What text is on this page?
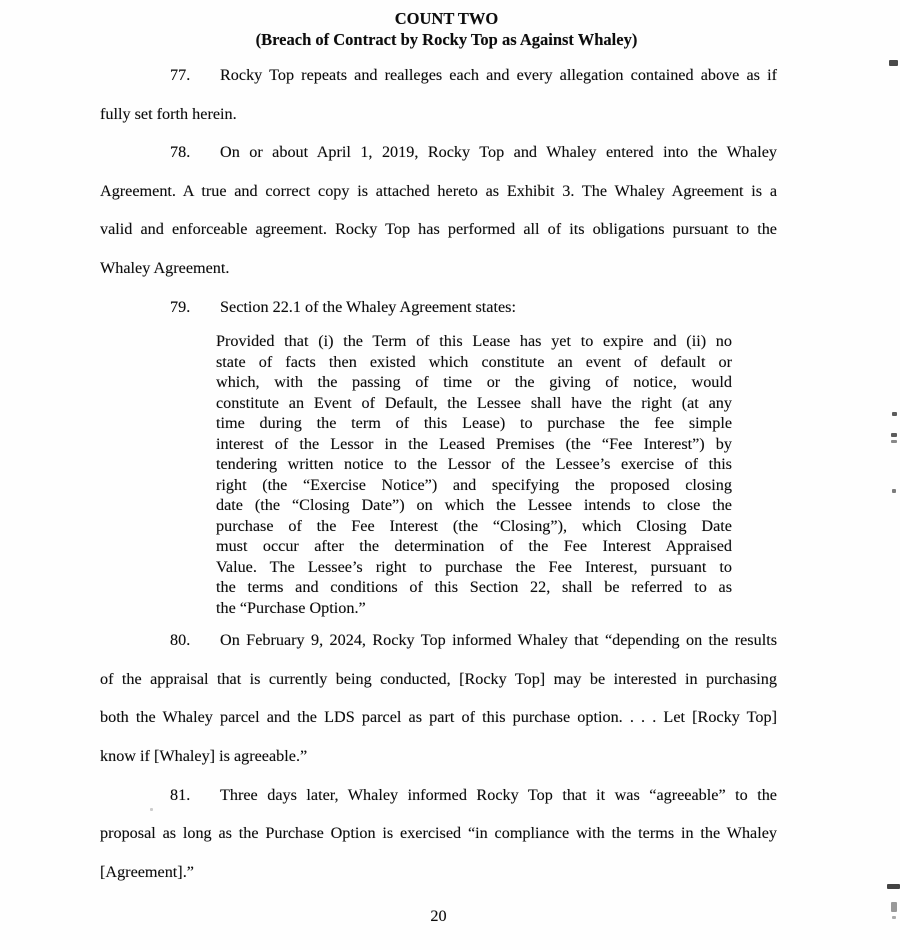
COUNT TWO
(Breach of Contract by Rocky Top as Against Whaley)
77.	Rocky Top repeats and realleges each and every allegation contained above as if
fully set forth herein.
78.	On or about April 1, 2019, Rocky Top and Whaley entered into the Whaley
Agreement. A true and correct copy is attached hereto as Exhibit 3. The Whaley Agreement is a
valid and enforceable agreement. Rocky Top has performed all of its obligations pursuant to the
Whaley Agreement.
79.	Section 22.1 of the Whaley Agreement states:
Provided that (i) the Term of this Lease has yet to expire and (ii) no
state of facts then existed which constitute an event of default or
which, with the passing of time or the giving of notice, would
constitute an Event of Default, the Lessee shall have the right (at any
time during the term of this Lease) to purchase the fee simple
interest of the Lessor in the Leased Premises (the “Fee Interest”) by
tendering written notice to the Lessor of the Lessee’s exercise of this
right (the “Exercise Notice”) and specifying the proposed closing
date (the “Closing Date”) on which the Lessee intends to close the
purchase of the Fee Interest (the “Closing”), which Closing Date
must occur after the determination of the Fee Interest Appraised
Value. The Lessee’s right to purchase the Fee Interest, pursuant to
the terms and conditions of this Section 22, shall be referred to as
the “Purchase Option.”
80.	On February 9, 2024, Rocky Top informed Whaley that “depending on the results
of the appraisal that is currently being conducted, [Rocky Top] may be interested in purchasing
both the Whaley parcel and the LDS parcel as part of this purchase option. . . . Let [Rocky Top]
know if [Whaley] is agreeable.”
81.	Three days later, Whaley informed Rocky Top that it was “agreeable” to the
proposal as long as the Purchase Option is exercised “in compliance with the terms in the Whaley
[Agreement].”
20
